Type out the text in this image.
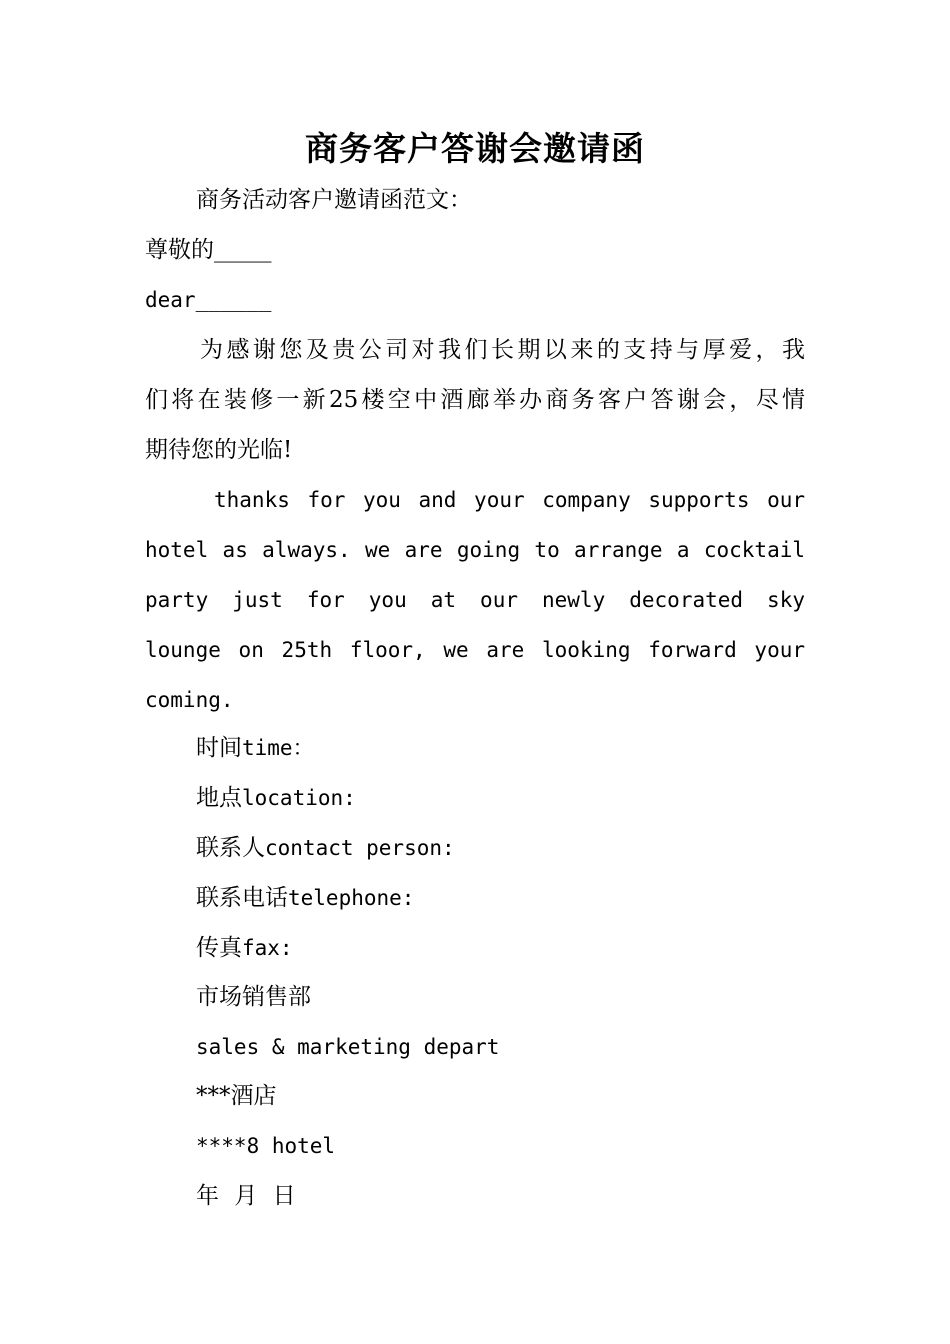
商务客户答谢会邀请函
商务活动客户邀请函范文：
尊敬的_____
dear______
为感谢您及贵公司对我们长期以来的支持与厚爱，我
们将在装修一新25楼空中酒廊举办商务客户答谢会，尽情
期待您的光临!
thanks for you and your company supports our
hotel as always. we are going to arrange a cocktail
party just for you at our newly decorated sky
lounge on 25th floor, we are looking forward your
coming.
时间time：
地点location:
联系人contact person:
联系电话telephone:
传真fax:
市场销售部
sales & marketing depart
***酒店
****8 hotel
年 月 日
